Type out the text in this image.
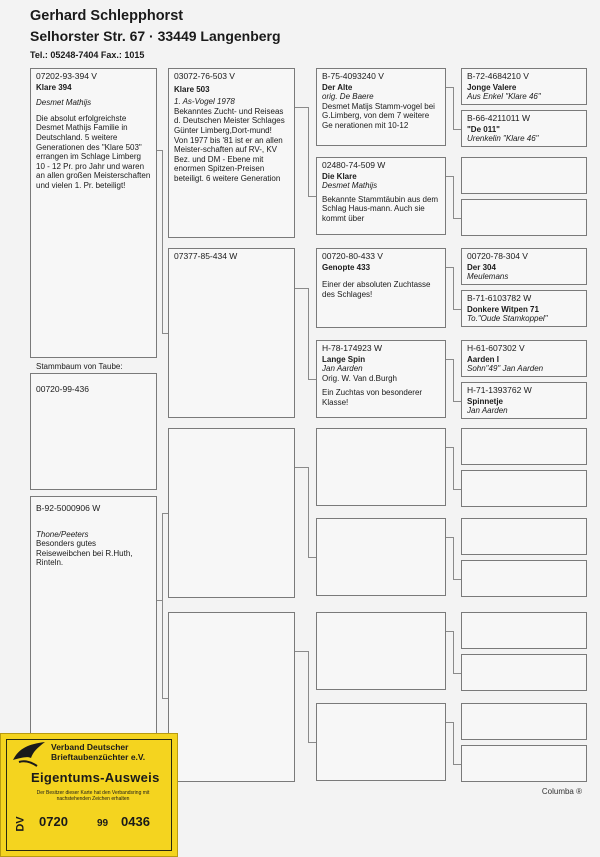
Gerhard Schlepphorst
Selhorster Str. 67 · 33449 Langenberg
Tel.: 05248-7404 Fax.: 1015
07202-93-394 V
Klare 394
Desmet Mathijs
Die absolut erfolgreichste Desmet Mathijs Familie in Deutschland. 5 weitere Generationen des "Klare 503" errangen im Schlage Limberg 10 - 12 Pr. pro Jahr und waren an allen großen Meisterschaften und vielen 1. Pr. beteiligt!
Stammbaum von Taube:
00720-99-436
B-92-5000906 W
Thone/Peeters
Besonders gutes Reiseweibchen bei R.Huth, Rinteln.
03072-76-503 V
Klare 503
1. As-Vogel 1978
Bekanntes Zucht- und Reiseas d. Deutschen Meister Schlages Günter Limberg,Dort-mund!
Von 1977 bis '81 ist er an allen Meister-schaften auf RV-, KV Bez. und DM - Ebene mit enormen Spitzen-Preisen beteiligt. 6 weitere Generation
07377-85-434 W
B-75-4093240 V
Der Alte
orig. De Baere
Desmet Matijs Stamm-vogel bei G.Limberg, von dem 7 weitere Ge nerationen mit 10-12
02480-74-509 W
Die Klare
Desmet Mathijs
Bekannte Stammtäubin aus dem Schlag Haus-mann. Auch sie kommt über
00720-80-433 V
Genopte 433
Einer der absoluten Zuchtasse des Schlages!
H-78-174923 W
Lange Spin
Jan Aarden
Orig. W. Van d.Burgh
Ein Zuchtas von besonderer Klasse!
B-72-4684210 V
Jonge Valere
Aus Enkel "Klare 46"
B-66-4211011 W
"De 011"
Urenkelin "Klare 46"
00720-78-304 V
Der 304
Meulemans
B-71-6103782 W
Donkere Witpen 71
To."Oude Stamkoppel"
H-61-607302 V
Aarden I
Sohn"49" Jan Aarden
H-71-1393762 W
Spinnetje
Jan Aarden
Columba ®
Verband Deutscher
Brieftaubenzüchter e.V.
Eigentums-Ausweis
Der Besitzer dieser Karte hat den Verbandsring mit nachstehenden Zeichen erhalten
DV 0720	99 0436
